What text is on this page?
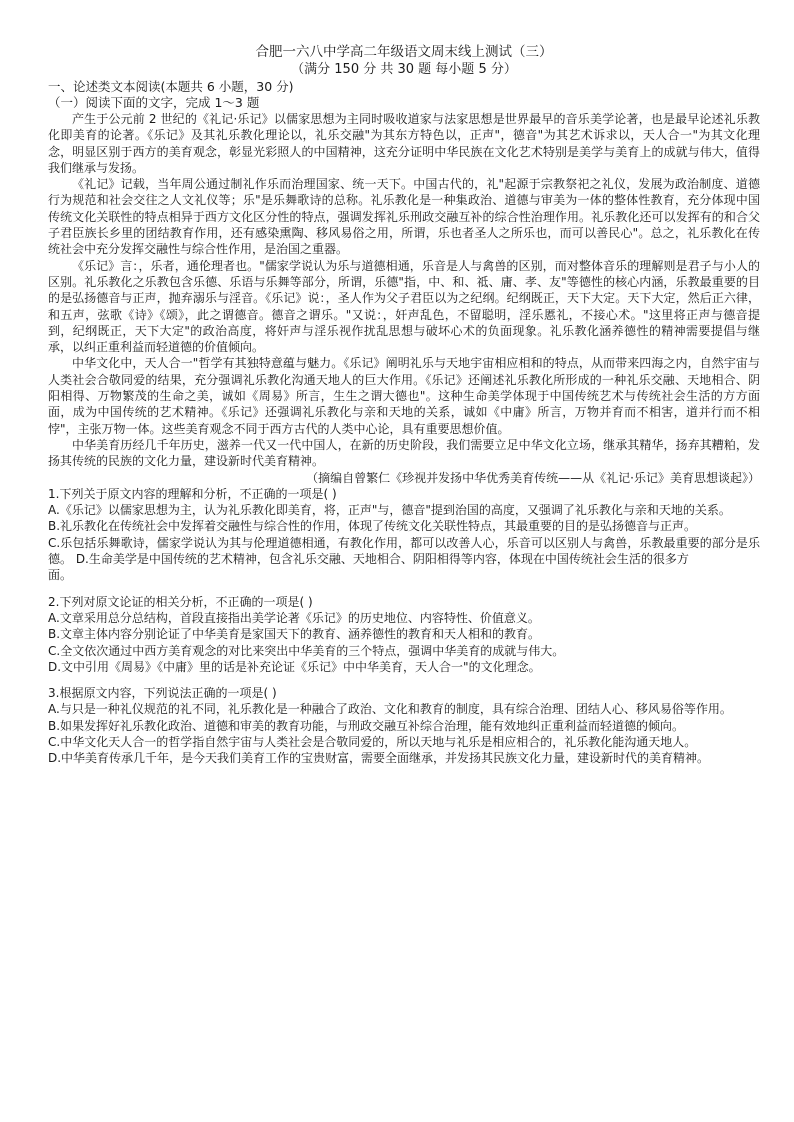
合肥一六八中学高二年级语文周末线上测试（三）

（满分 150 分 共 30 题 每小题 5 分）

一、论述类文本阅读(本题共 6 小题，30 分)

（一）阅读下面的文字，完成 1～3 题

产生于公元前 2 世纪的《礼记·乐记》以儒家思想为主同时吸收道家与法家思想是世界最早的音乐美学论著，也是最早论述礼乐教化即美育的论著。《乐记》及其礼乐教化理论以，礼乐交融"为其东方特色以，正声"，德音"为其艺术诉求以，天人合一"为其文化理念，明显区别于西方的美育观念，彰显光彩照人的中国精神，这充分证明中华民族在文化艺术特别是美学与美育上的成就与伟大，值得我们继承与发扬。

《礼记》记载，当年周公通过制礼作乐而治理国家、统一天下。中国古代的，礼"起源于宗教祭祀之礼仪，发展为政治制度、道德行为规范和社会交往之人文礼仪等；乐"是乐舞歌诗的总称。礼乐教化是一种集政治、道德与审美为一体的整体性教育，充分体现中国传统文化关联性的特点相异于西方文化区分性的特点，强调发挥礼乐刑政交融互补的综合性治理作用。礼乐教化还可以发挥有的和合父子君臣族长乡里的团结教育作用，还有感染熏陶、移风易俗之用，所谓，乐也者圣人之所乐也，而可以善民心"。总之，礼乐教化在传统社会中充分发挥交融性与综合性作用，是治国之重器。

《乐记》言：，乐者，通伦理者也。"儒家学说认为乐与道德相通，乐音是人与禽兽的区别，而对整体音乐的理解则是君子与小人的区别。礼乐教化之乐教包含乐德、乐语与乐舞等部分，所谓，乐德"指，中、和、祗、庸、孝、友"等德性的核心内涵，乐教最重要的目的是弘扬德音与正声，抛弃溺乐与淫音。《乐记》说：，圣人作为父子君臣以为之纪纲。纪纲既正，天下大定。天下大定，然后正六律，和五声，弦歌《诗》《颂》，此之谓德音。德音之谓乐。"又说：，奸声乱色，不留聪明，淫乐慝礼，不接心术。"这里将正声与德音提到，纪纲既正，天下大定"的政治高度，将奸声与淫乐视作扰乱思想与破坏心术的负面现象。礼乐教化涵养德性的精神需要提倡与继承，以纠正重利益而轻道德的价值倾向。

中华文化中，天人合一"哲学有其独特意蕴与魅力。《乐记》阐明礼乐与天地宇宙相应相和的特点，从而带来四海之内，自然宇宙与人类社会合敬同爱的结果，充分强调礼乐教化沟通天地人的巨大作用。《乐记》还阐述礼乐教化所形成的一种礼乐交融、天地相合、阴阳相得、万物繁茂的生命之美，诚如《周易》所言，生生之谓大德也"。这种生命美学体现于中国传统艺术与传统社会生活的方方面面，成为中国传统的艺术精神。《乐记》还强调礼乐教化与亲和天地的关系，诚如《中庸》所言，万物并育而不相害，道并行而不相悖"，主张万物一体。这些美育观念不同于西方古代的人类中心论，具有重要思想价值。

中华美育历经几千年历史，滋养一代又一代中国人，在新的历史阶段，我们需要立足中华文化立场，继承其精华，扬弃其糟粕，发扬其传统的民族的文化力量，建设新时代美育精神。

（摘编自曾繁仁《珍视并发扬中华优秀美育传统——从《礼记·乐记》美育思想谈起》）

1.下列关于原文内容的理解和分析，不正确的一项是( )

A.《乐记》以儒家思想为主，认为礼乐教化即美育，将，正声"与，德音"提到治国的高度，又强调了礼乐教化与亲和天地的关系。

B.礼乐教化在传统社会中发挥着交融性与综合性的作用，体现了传统文化关联性特点，其最重要的目的是弘扬德音与正声。

C.乐包括乐舞歌诗，儒家学说认为其与伦理道德相通，有教化作用，都可以改善人心，乐音可以区别人与禽兽，乐教最重要的部分是乐德。 D.生命美学是中国传统的艺术精神，包含礼乐交融、天地相合、阴阳相得等内容，体现在中国传统社会生活的很多方

面。

2.下列对原文论证的相关分析，不正确的一项是( )

A.文章采用总分总结构，首段直接指出美学论著《乐记》的历史地位、内容特性、价值意义。

B.文章主体内容分别论证了中华美育是家国天下的教育、涵养德性的教育和天人相和的教育。

C.全文依次通过中西方美育观念的对比来突出中华美育的三个特点，强调中华美育的成就与伟大。

D.文中引用《周易》《中庸》里的话是补充论证《乐记》中中华美育，天人合一"的文化理念。

3.根据原文内容，下列说法正确的一项是( )

A.与只是一种礼仪规范的礼不同，礼乐教化是一种融合了政治、文化和教育的制度，具有综合治理、团结人心、移风易俗等作用。

B.如果发挥好礼乐教化政治、道德和审美的教育功能，与刑政交融互补综合治理，能有效地纠正重利益而轻道德的倾向。

C.中华文化天人合一的哲学指自然宇宙与人类社会是合敬同爱的，所以天地与礼乐是相应相合的，礼乐教化能沟通天地人。

D.中华美育传承几千年，是今天我们美育工作的宝贵财富，需要全面继承，并发扬其民族文化力量，建设新时代的美育精神。
